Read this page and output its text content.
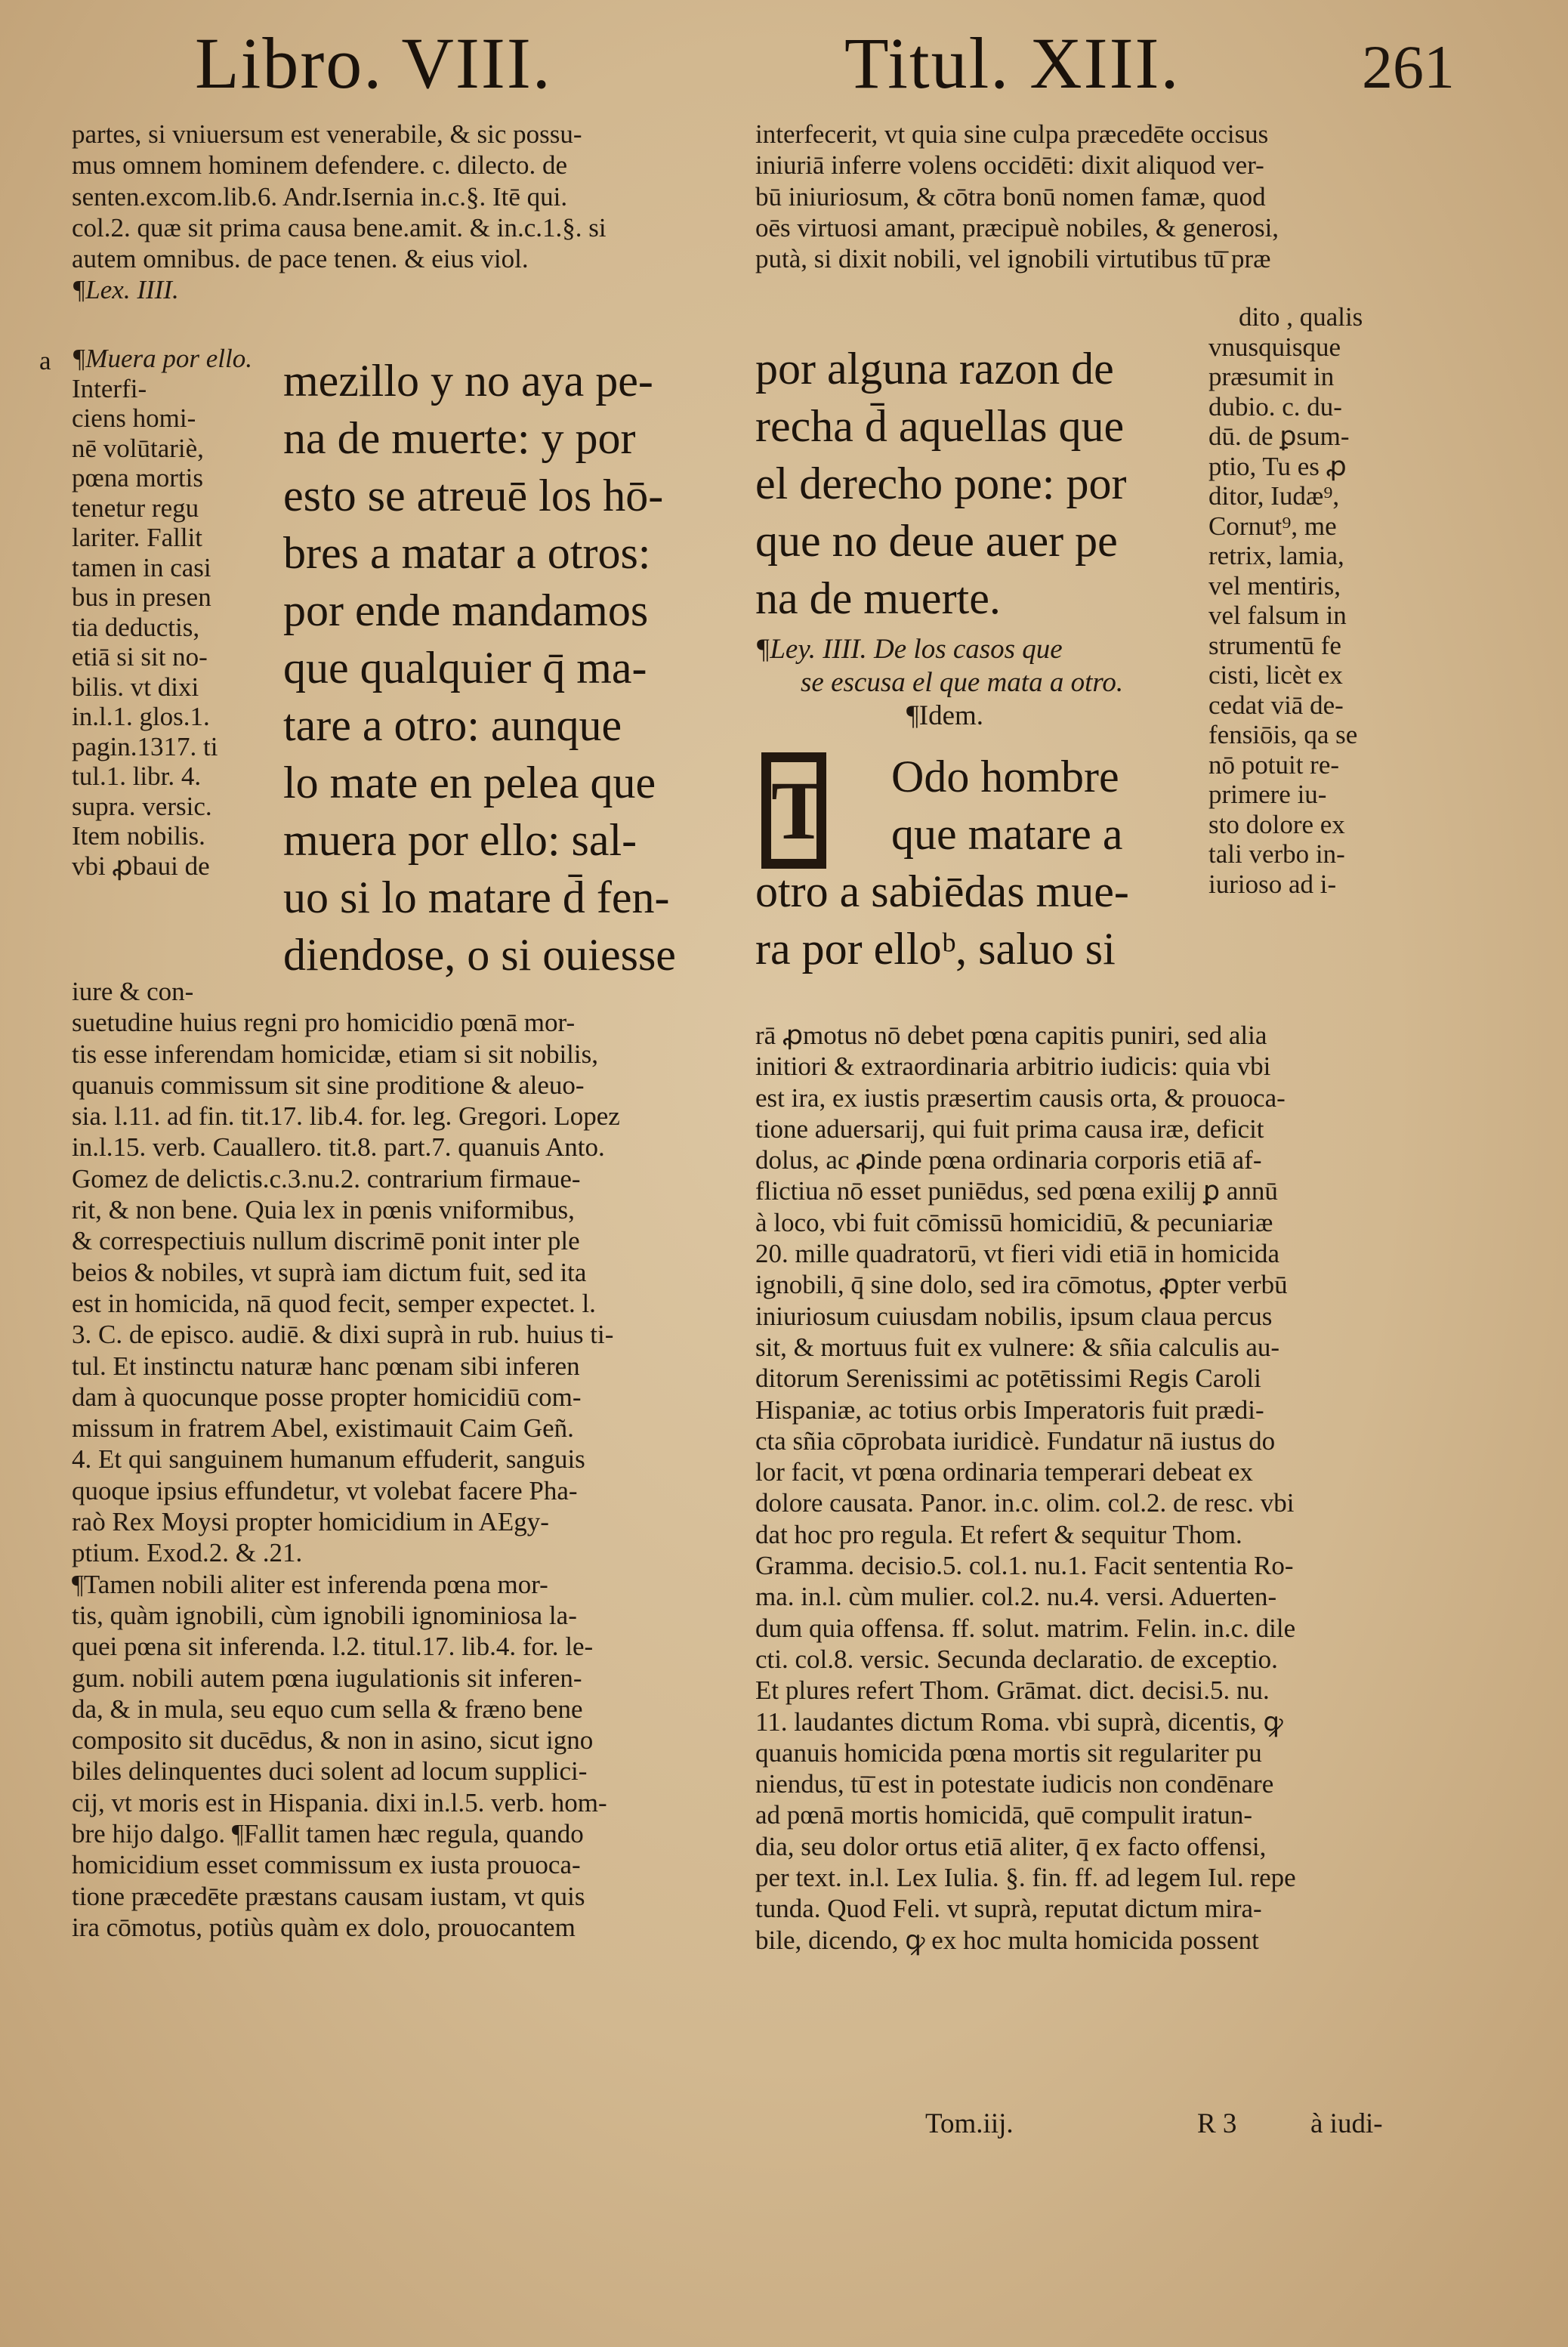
Libro. VIII.	Titul. XIII.	261

partes, si vniuersum est venerabile, & sic possu-

mus omnem hominem defendere. c. dilecto. de

senten.excom.lib.6. Andr.Isernia in.c.§. Itē qui.

col.2. quæ sit prima causa bene.amit. & in.c.1.§. si

autem omnibus. de pace tenen. & eius viol.

¶Lex. IIII.

a ¶Muera por ello.

Interfi-

ciens homi-

nē volūtariè,

pœna mortis

tenetur regu

lariter. Fallit

tamen in casi

bus in presen

tia deductis,

etiā si sit no-

bilis. vt dixi

in.l.1. glos.1.

pagin.1317. ti

tul.1. libr. 4.

supra. versic.

Item nobilis.

vbi ꝓbaui de

mezillo y no aya pe-

na de muerte: y por

esto se atreuē los hō-

bres a matar a otros:

por ende mandamos

que qualquier q̄ ma-

tare a otro: aunque

lo mate en pelea que

muera por ello: sal-

uo si lo matare d̄ fen-

diendose, o si ouiesse

iure & con-

suetudine huius regni pro homicidio pœnā mor-

tis esse inferendam homicidæ, etiam si sit nobilis,

quanuis commissum sit sine proditione & aleuo-

sia. l.11. ad fin. tit.17. lib.4. for. leg. Gregori. Lopez

in.l.15. verb. Cauallero. tit.8. part.7. quanuis Anto.

Gomez de delictis.c.3.nu.2. contrarium firmaue-

rit, & non bene. Quia lex in pœnis vniformibus,

& correspectiuis nullum discrimē ponit inter ple

beios & nobiles, vt suprà iam dictum fuit, sed ita

est in homicida, nā quod fecit, semper expectet. l.

3. C. de episco. audiē. & dixi suprà in rub. huius ti-

tul. Et instinctu naturæ hanc pœnam sibi inferen

dam à quocunque posse propter homicidiū com-

missum in fratrem Abel, existimauit Caim Geñ.

4. Et qui sanguinem humanum effuderit, sanguis

quoque ipsius effundetur, vt volebat facere Pha-

raò Rex Moysi propter homicidium in AEgy-

ptium. Exod.2. & .21.

¶Tamen nobili aliter est inferenda pœna mor-

tis, quàm ignobili, cùm ignobili ignominiosa la-

quei pœna sit inferenda. l.2. titul.17. lib.4. for. le-

gum. nobili autem pœna iugulationis sit inferen-

da, & in mula, seu equo cum sella & fræno bene

composito sit ducēdus, & non in asino, sicut igno

biles delinquentes duci solent ad locum supplici-

cij, vt moris est in Hispania. dixi in.l.5. verb. hom-

bre hijo dalgo. ¶Fallit tamen hæc regula, quando

homicidium esset commissum ex iusta prouoca-

tione præcedēte præstans causam iustam, vt quis

ira cōmotus, potiùs quàm ex dolo, prouocantem

interfecerit, vt quia sine culpa præcedēte occisus

iniuriā inferre volens occidēti: dixit aliquod ver-

bū iniuriosum, & cōtra bonū nomen famæ, quod

oēs virtuosi amant, præcipuè nobiles, & generosi,

putà, si dixit nobili, vel ignobili virtutibus tū̄ præ

por alguna razon de

recha d̄ aquellas que

el derecho pone: por

que no deue auer pe

na de muerte.

¶Ley. IIII. De los casos que

se escusa el que mata a otro.

¶Idem.

T	Odo hombre

que matare a

otro a sabiēdas mue-

ra por elloᵇ, saluo si

dito , qualis

vnusquisque

præsumit in

dubio. c. du-

dū. de ꝑsum-

ptio, Tu es ꝓ

ditor, Iudæ⁹,

Cornut⁹, me

retrix, lamia,

vel mentiris,

vel falsum in

strumentū fe

cisti, licèt ex

cedat viā de-

fensiōis, qa se

nō potuit re-

primere iu-

sto dolore ex

tali verbo in-

iurioso ad i-

rā ꝓmotus nō debet pœna capitis puniri, sed alia

initiori & extraordinaria arbitrio iudicis: quia vbi

est ira, ex iustis præsertim causis orta, & prouoca-

tione aduersarij, qui fuit prima causa iræ, deficit

dolus, ac ꝓinde pœna ordinaria corporis etiā af-

flictiua nō esset puniēdus, sed pœna exilij ꝑ annū

à loco, vbi fuit cōmissū homicidiū, & pecuniariæ

20. mille quadratorū, vt fieri vidi etiā in homicida

ignobili, q̄ sine dolo, sed ira cōmotus, ꝓpter verbū

iniuriosum cuiusdam nobilis, ipsum claua percus

sit, & mortuus fuit ex vulnere: & sñia calculis au-

ditorum Serenissimi ac potētissimi Regis Caroli

Hispaniæ, ac totius orbis Imperatoris fuit prædi-

cta sñia cōprobata iuridicè. Fundatur nā iustus do

lor facit, vt pœna ordinaria temperari debeat ex

dolore causata. Panor. in.c. olim. col.2. de resc. vbi

dat hoc pro regula. Et refert & sequitur Thom.

Gramma. decisio.5. col.1. nu.1. Facit sententia Ro-

ma. in.l. cùm mulier. col.2. nu.4. versi. Aduerten-

dum quia offensa. ff. solut. matrim. Felin. in.c. dile

cti. col.8. versic. Secunda declaratio. de exceptio.

Et plures refert Thom. Grāmat. dict. decisi.5. nu.

11. laudantes dictum Roma. vbi suprà, dicentis, ꝙ

quanuis homicida pœna mortis sit regulariter pu

niendus, tū̄ est in potestate iudicis non condēnare

ad pœnā mortis homicidā, quē compulit iratun-

dia, seu dolor ortus etiā aliter, q̄ ex facto offensi,

per text. in.l. Lex Iulia. §. fin. ff. ad legem Iul. repe

tunda. Quod Feli. vt suprà, reputat dictum mira-

bile, dicendo, ꝙ ex hoc multa homicida possent

Tom.iij.	R 3	à iudi-
